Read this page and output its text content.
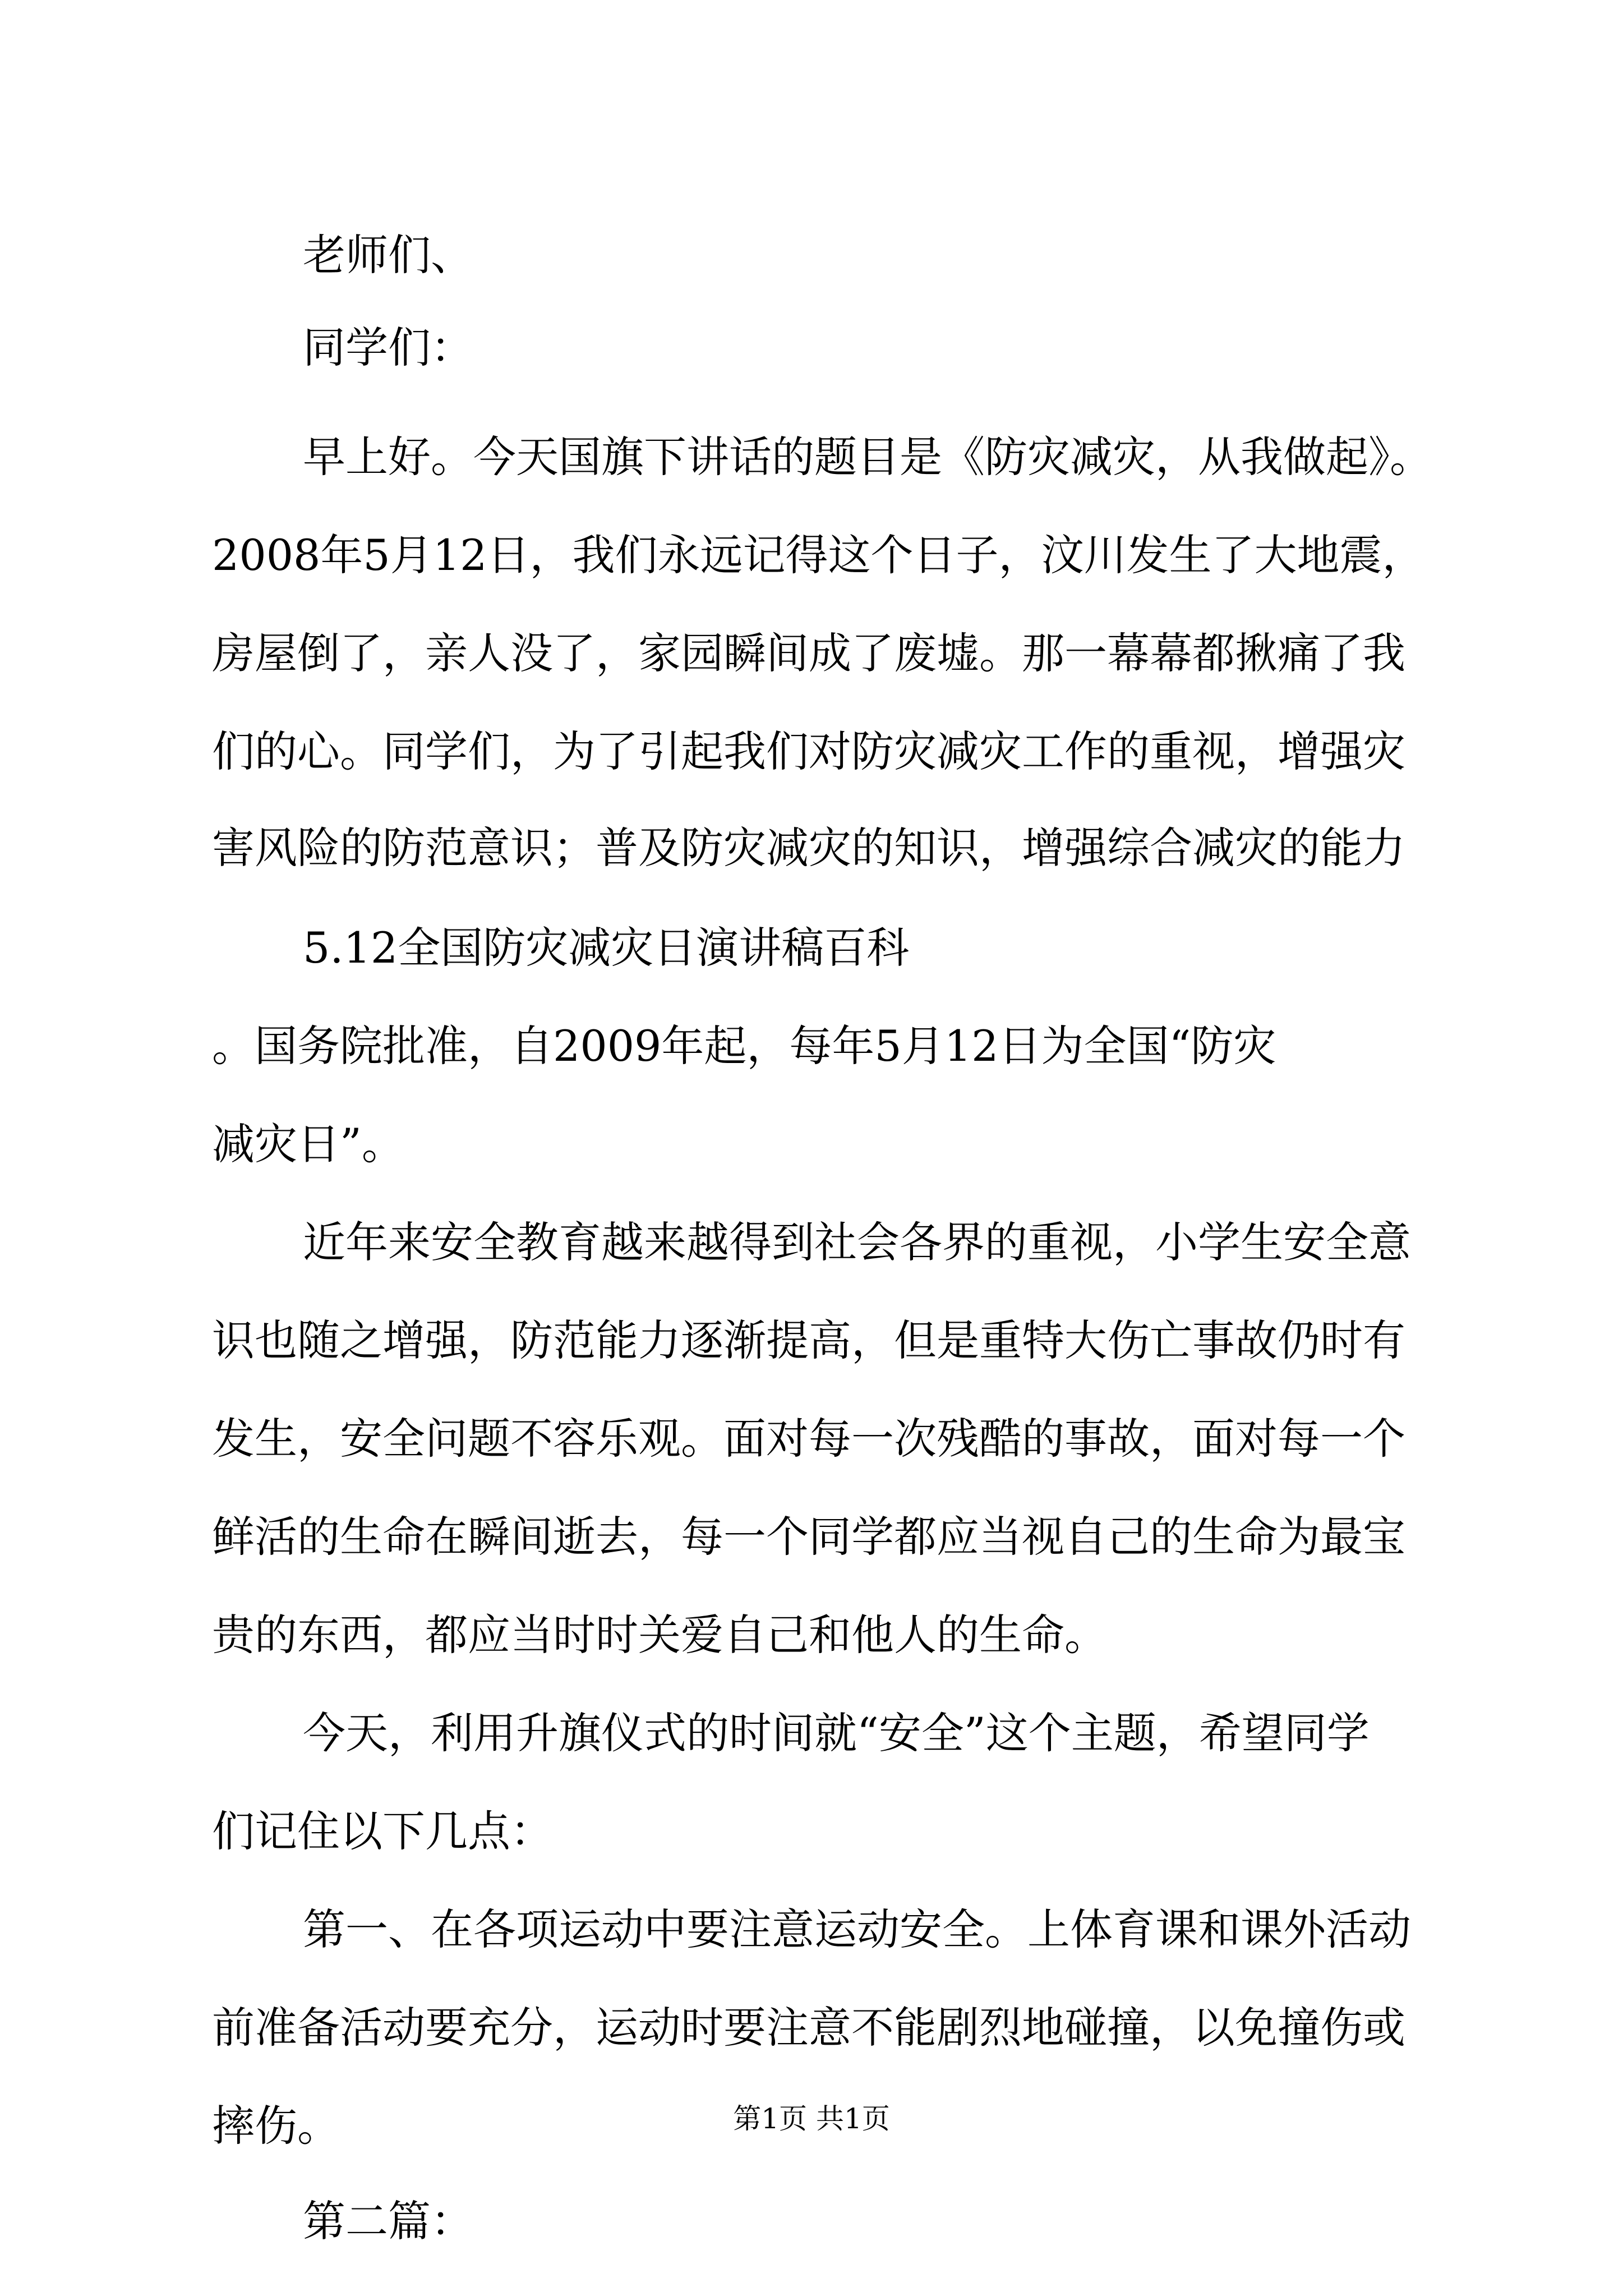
老师们、
同学们：
早上好。今天国旗下讲话的题目是《防灾减灾，从我做起》。
2008年5月12日，我们永远记得这个日子，汶川发生了大地震，
房屋倒了，亲人没了，家园瞬间成了废墟。那一幕幕都揪痛了我
们的心。同学们，为了引起我们对防灾减灾工作的重视，增强灾
害风险的防范意识；普及防灾减灾的知识，增强综合减灾的能力
5.12全国防灾减灾日演讲稿百科
。国务院批准，自2009年起，每年5月12日为全国“防灾
减灾日”。
近年来安全教育越来越得到社会各界的重视，小学生安全意
识也随之增强，防范能力逐渐提高，但是重特大伤亡事故仍时有
发生，安全问题不容乐观。面对每一次残酷的事故，面对每一个
鲜活的生命在瞬间逝去，每一个同学都应当视自己的生命为最宝
贵的东西，都应当时时关爱自己和他人的生命。
今天，利用升旗仪式的时间就“安全”这个主题，希望同学
们记住以下几点：
第一、在各项运动中要注意运动安全。上体育课和课外活动
前准备活动要充分，运动时要注意不能剧烈地碰撞，以免撞伤或
摔伤。
第二篇：
第1页 共1页
